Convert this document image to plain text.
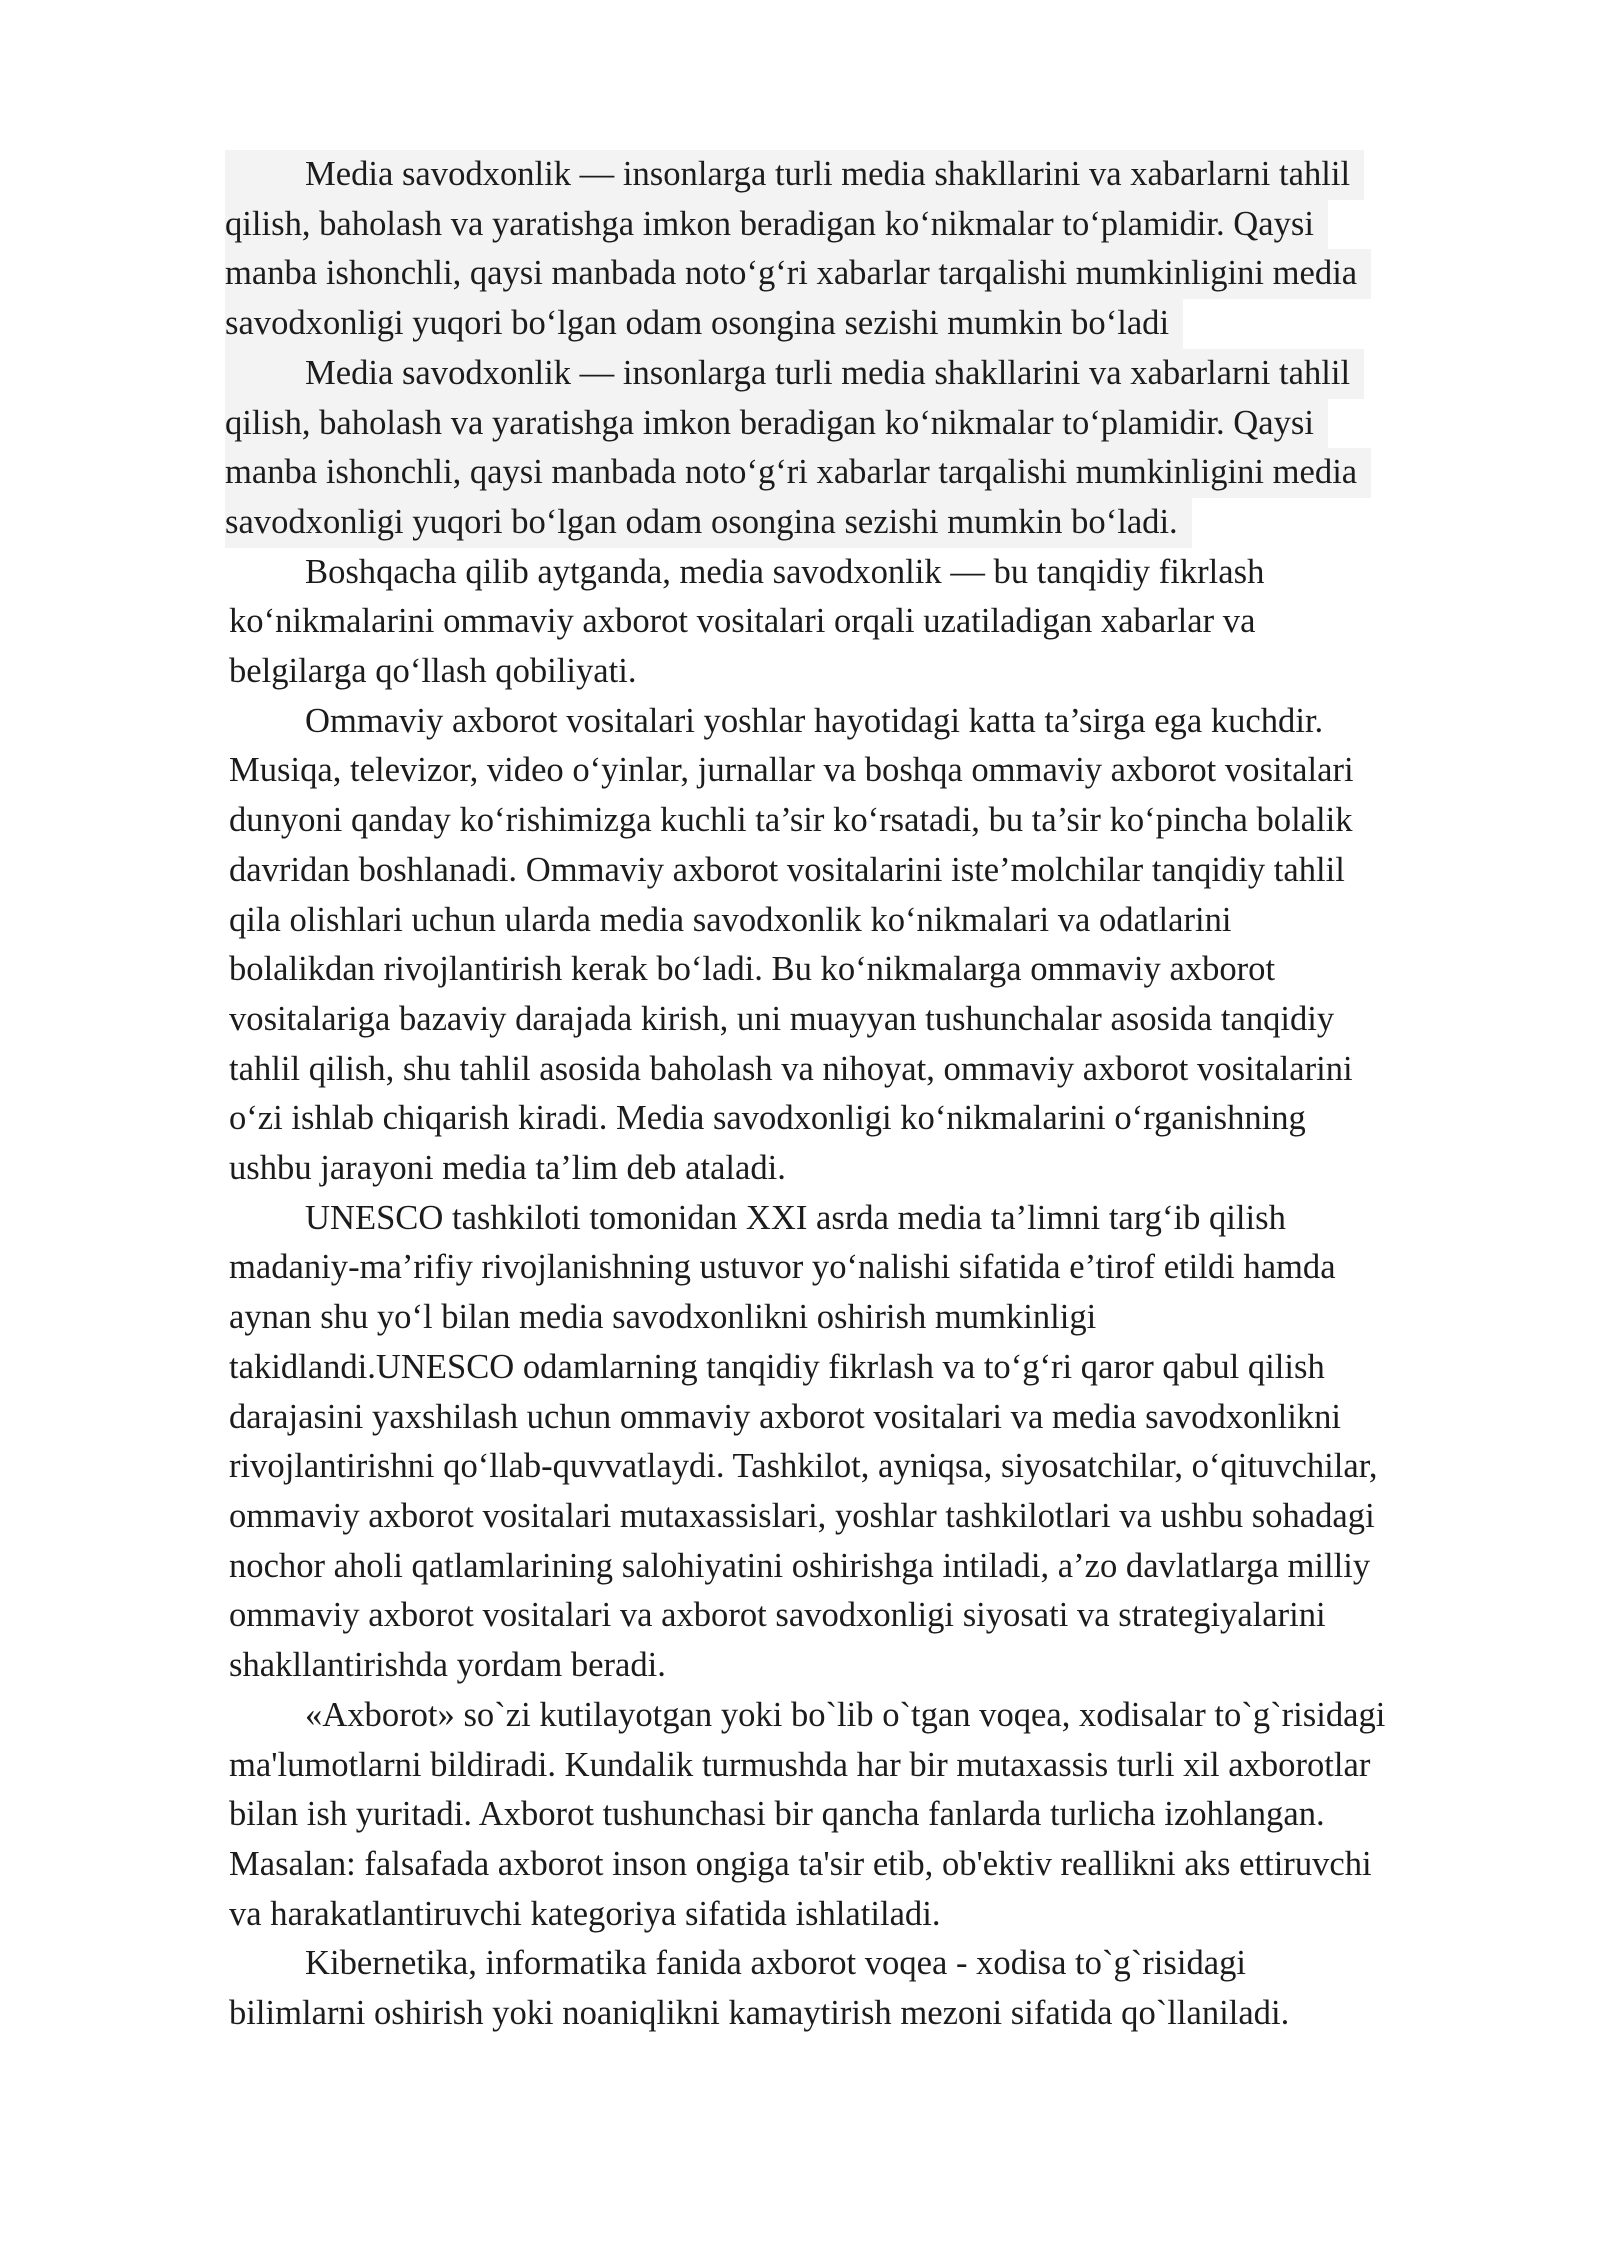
Media savodxonlik — insonlarga turli media shakllarini va xabarlarni tahlil
qilish, baholash va yaratishga imkon beradigan ko‘nikmalar to‘plamidir. Qaysi
manba ishonchli, qaysi manbada noto‘g‘ri xabarlar tarqalishi mumkinligini media
savodxonligi yuqori bo‘lgan odam osongina sezishi mumkin bo‘ladi
Media savodxonlik — insonlarga turli media shakllarini va xabarlarni tahlil
qilish, baholash va yaratishga imkon beradigan ko‘nikmalar to‘plamidir. Qaysi
manba ishonchli, qaysi manbada noto‘g‘ri xabarlar tarqalishi mumkinligini media
savodxonligi yuqori bo‘lgan odam osongina sezishi mumkin bo‘ladi.
Boshqacha qilib aytganda, media savodxonlik — bu tanqidiy fikrlash
ko‘nikmalarini ommaviy axborot vositalari orqali uzatiladigan xabarlar va
belgilarga qo‘llash qobiliyati.
Ommaviy axborot vositalari yoshlar hayotidagi katta ta’sirga ega kuchdir.
Musiqa, televizor, video o‘yinlar, jurnallar va boshqa ommaviy axborot vositalari
dunyoni qanday ko‘rishimizga kuchli ta’sir ko‘rsatadi, bu ta’sir ko‘pincha bolalik
davridan boshlanadi. Ommaviy axborot vositalarini iste’molchilar tanqidiy tahlil
qila olishlari uchun ularda media savodxonlik ko‘nikmalari va odatlarini
bolalikdan rivojlantirish kerak bo‘ladi. Bu ko‘nikmalarga ommaviy axborot
vositalariga bazaviy darajada kirish, uni muayyan tushunchalar asosida tanqidiy
tahlil qilish, shu tahlil asosida baholash va nihoyat, ommaviy axborot vositalarini
o‘zi ishlab chiqarish kiradi. Media savodxonligi ko‘nikmalarini o‘rganishning
ushbu jarayoni media ta’lim deb ataladi.
UNESCO tashkiloti tomonidan XXI asrda media ta’limni targ‘ib qilish
madaniy-ma’rifiy rivojlanishning ustuvor yo‘nalishi sifatida e’tirof etildi hamda
aynan shu yo‘l bilan media savodxonlikni oshirish mumkinligi
takidlandi.UNESCO odamlarning tanqidiy fikrlash va to‘g‘ri qaror qabul qilish
darajasini yaxshilash uchun ommaviy axborot vositalari va media savodxonlikni
rivojlantirishni qo‘llab-quvvatlaydi. Tashkilot, ayniqsa, siyosatchilar, o‘qituvchilar,
ommaviy axborot vositalari mutaxassislari, yoshlar tashkilotlari va ushbu sohadagi
nochor aholi qatlamlarining salohiyatini oshirishga intiladi, a’zo davlatlarga milliy
ommaviy axborot vositalari va axborot savodxonligi siyosati va strategiyalarini
shakllantirishda yordam beradi.
«Axborot» so`zi kutilayotgan yoki bo`lib o`tgan voqea, xodisalar to`g`risidagi
ma'lumotlarni bildiradi. Kundalik turmushda har bir mutaxassis turli xil axborotlar
bilan ish yuritadi. Axborot tushunchasi bir qancha fanlarda turlicha izohlangan.
Masalan: falsafada axborot inson ongiga ta'sir etib, ob'ektiv reallikni aks ettiruvchi
va harakatlantiruvchi kategoriya sifatida ishlatiladi.
Kibernetika, informatika fanida axborot voqea - xodisa to`g`risidagi
bilimlarni oshirish yoki noaniqlikni kamaytirish mezoni sifatida qo`llaniladi.
